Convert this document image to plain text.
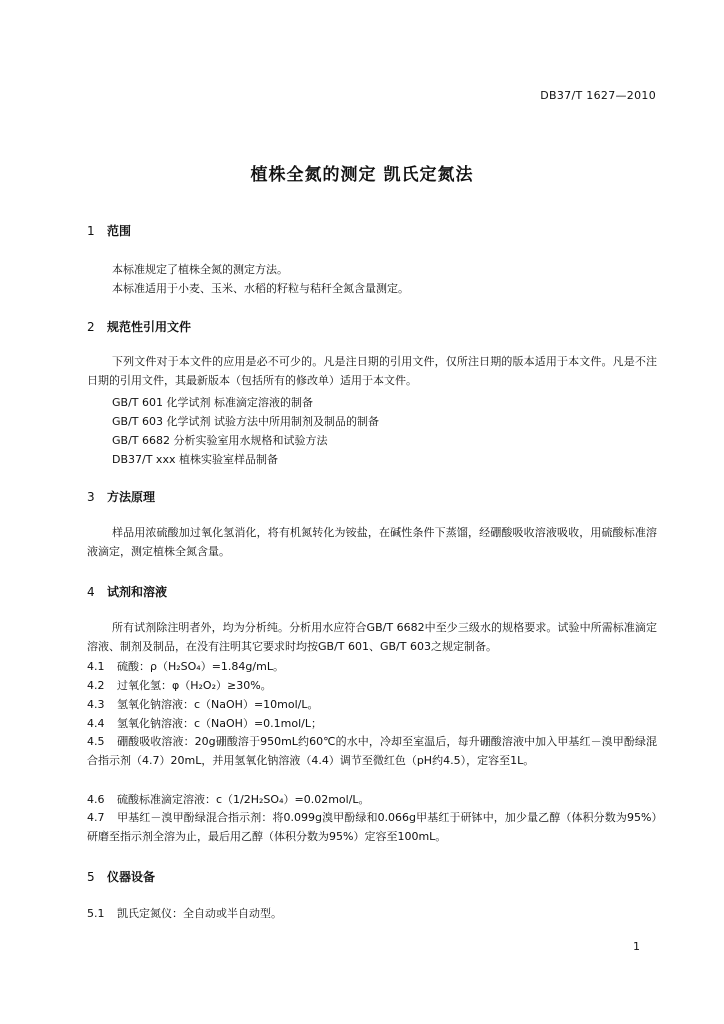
DB37/T 1627—2010
植株全氮的测定 凯氏定氮法
1 范围
本标准规定了植株全氮的测定方法。
本标准适用于小麦、玉米、水稻的籽粒与秸秆全氮含量测定。
2 规范性引用文件
下列文件对于本文件的应用是必不可少的。凡是注日期的引用文件，仅所注日期的版本适用于本文件。凡是不注日期的引用文件，其最新版本（包括所有的修改单）适用于本文件。
GB/T 601 化学试剂 标准滴定溶液的制备
GB/T 603 化学试剂 试验方法中所用制剂及制品的制备
GB/T 6682 分析实验室用水规格和试验方法
DB37/T xxx 植株实验室样品制备
3 方法原理
样品用浓硫酸加过氧化氢消化，将有机氮转化为铵盐，在碱性条件下蒸馏，经硼酸吸收溶液吸收，用硫酸标准溶液滴定，测定植株全氮含量。
4 试剂和溶液
所有试剂除注明者外，均为分析纯。分析用水应符合GB/T 6682中至少三级水的规格要求。试验中所需标准滴定溶液、制剂及制品，在没有注明其它要求时均按GB/T 601、GB/T 603之规定制备。
4.1 硫酸：ρ（H₂SO₄）=1.84g/mL。
4.2 过氧化氢：φ（H₂O₂）≥30%。
4.3 氢氧化钠溶液：c（NaOH）=10mol/L。
4.4 氢氧化钠溶液：c（NaOH）=0.1mol/L；
4.5 硼酸吸收溶液：20g硼酸溶于950mL约60℃的水中，冷却至室温后，每升硼酸溶液中加入甲基红－溴甲酚绿混合指示剂（4.7）20mL，并用氢氧化钠溶液（4.4）调节至微红色（pH约4.5），定容至1L。
4.6 硫酸标准滴定溶液：c（1/2H₂SO₄）=0.02mol/L。
4.7 甲基红－溴甲酚绿混合指示剂：将0.099g溴甲酚绿和0.066g甲基红于研钵中，加少量乙醇（体积分数为95%）研磨至指示剂全溶为止，最后用乙醇（体积分数为95%）定容至100mL。
5 仪器设备
5.1 凯氏定氮仪：全自动或半自动型。
1
